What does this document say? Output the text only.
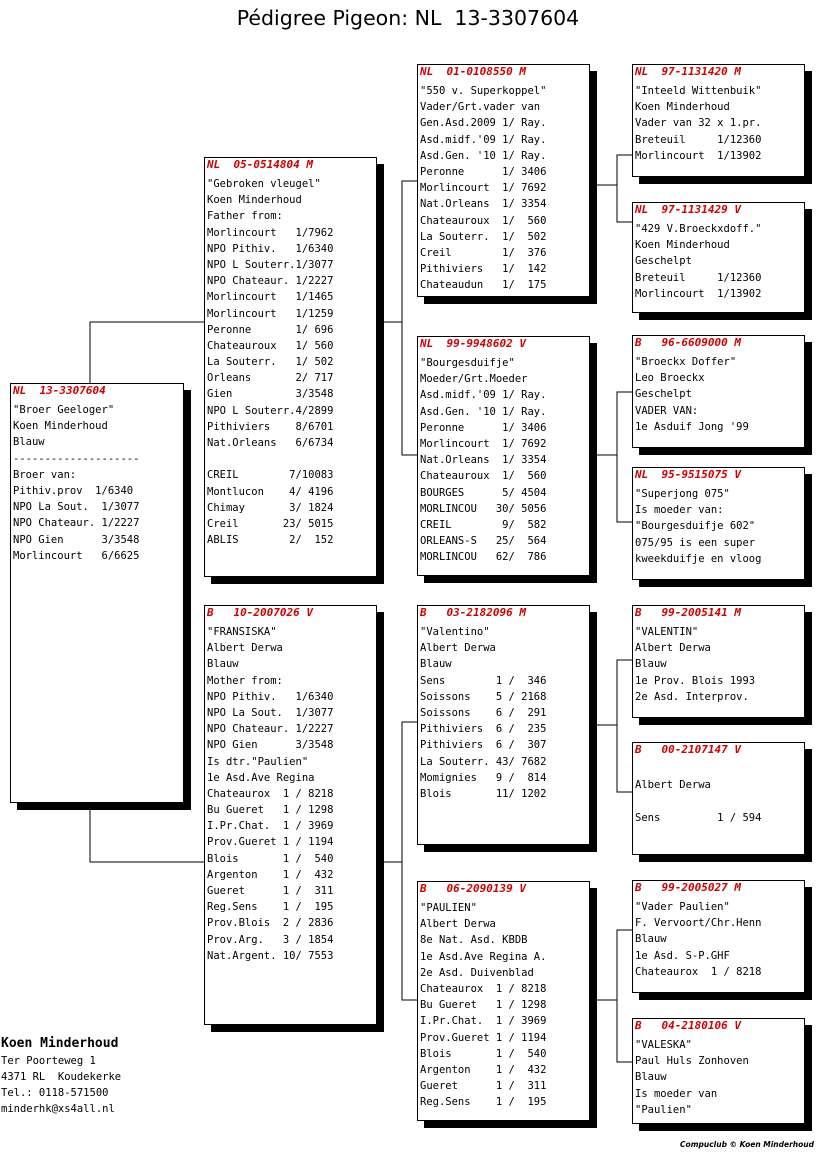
Pédigree Pigeon: NL  13-3307604
NL  13-3307604
"Broer Geeloger"
Koen Minderhoud
Blauw
--------------------
Broer van:
Pithiv.prov  1/6340
NPO La Sout.  1/3077
NPO Chateaur. 1/2227
NPO Gien      3/3548
Morlincourt   6/6625
NL  05-0514804 M
"Gebroken vleugel"
Koen Minderhoud
Father from:
Morlincourt   1/7962
NPO Pithiv.   1/6340
NPO L Souterr.1/3077
NPO Chateaur. 1/2227
Morlincourt   1/1465
Morlincourt   1/1259
Peronne       1/ 696
Chateauroux   1/ 560
La Souterr.   1/ 502
Orleans       2/ 717
Gien          3/3548
NPO L Souterr.4/2899
Pithiviers    8/6701
Nat.Orleans   6/6734
CREIL        7/10083
Montlucon    4/ 4196
Chimay       3/ 1824
Creil       23/ 5015
ABLIS        2/  152
B   10-2007026 V
"FRANSISKA"
Albert Derwa
Blauw
Mother from:
NPO Pithiv.   1/6340
NPO La Sout.  1/3077
NPO Chateaur. 1/2227
NPO Gien      3/3548
Is dtr."Paulien"
1e Asd.Ave Regina
Chateaurox  1 / 8218
Bu Gueret   1 / 1298
I.Pr.Chat.  1 / 3969
Prov.Gueret 1 / 1194
Blois       1 /  540
Argenton    1 /  432
Gueret      1 /  311
Reg.Sens    1 /  195
Prov.Blois  2 / 2836
Prov.Arg.   3 / 1854
Nat.Argent. 10/ 7553
NL  01-0108550 M
"550 v. Superkoppel"
Vader/Grt.vader van
Gen.Asd.2009 1/ Ray.
Asd.midf.'09 1/ Ray.
Asd.Gen. '10 1/ Ray.
Peronne      1/ 3406
Morlincourt  1/ 7692
Nat.Orleans  1/ 3354
Chateauroux  1/  560
La Souterr.  1/  502
Creil        1/  376
Pithiviers   1/  142
Chateaudun   1/  175
NL  99-9948602 V
"Bourgesduifje"
Moeder/Grt.Moeder
Asd.midf.'09 1/ Ray.
Asd.Gen. '10 1/ Ray.
Peronne      1/ 3406
Morlincourt  1/ 7692
Nat.Orleans  1/ 3354
Chateauroux  1/  560
BOURGES      5/ 4504
MORLINCOU   30/ 5056
CREIL        9/  582
ORLEANS-S   25/  564
MORLINCOU   62/  786
B   03-2182096 M
"Valentino"
Albert Derwa
Blauw
Sens        1 /  346
Soissons    5 / 2168
Soissons    6 /  291
Pithiviers  6 /  235
Pithiviers  6 /  307
La Souterr. 43/ 7682
Momignies   9 /  814
Blois       11/ 1202
B   06-2090139 V
"PAULIEN"
Albert Derwa
8e Nat. Asd. KBDB
1e Asd.Ave Regina A.
2e Asd. Duivenblad
Chateaurox  1 / 8218
Bu Gueret   1 / 1298
I.Pr.Chat.  1 / 3969
Prov.Gueret 1 / 1194
Blois       1 /  540
Argenton    1 /  432
Gueret      1 /  311
Reg.Sens    1 /  195
NL  97-1131420 M
"Inteeld Wittenbuik"
Koen Minderhoud
Vader van 32 x 1.pr.
Breteuil     1/12360
Morlincourt  1/13902
NL  97-1131429 V
"429 V.Broeckxdoff."
Koen Minderhoud
Geschelpt
Breteuil     1/12360
Morlincourt  1/13902
B   96-6609000 M
"Broeckx Doffer"
Leo Broeckx
Geschelpt
VADER VAN:
1e Asduif Jong '99
NL  95-9515075 V
"Superjong 075"
Is moeder van:
"Bourgesduifje 602"
075/95 is een super
kweekduifje en vloog
B   99-2005141 M
"VALENTIN"
Albert Derwa
Blauw
1e Prov. Blois 1993
2e Asd. Interprov.
B   00-2107147 V
Albert Derwa
Sens         1 / 594
B   99-2005027 M
"Vader Paulien"
F. Vervoort/Chr.Henn
Blauw
1e Asd. S-P.GHF
Chateaurox  1 / 8218
B   04-2180106 V
"VALESKA"
Paul Huls Zonhoven
Blauw
Is moeder van
"Paulien"
Koen Minderhoud
Ter Poorteweg 1
4371 RL  Koudekerke
Tel.: 0118-571500
minderhk@xs4all.nl
Compuclub © Koen Minderhoud
